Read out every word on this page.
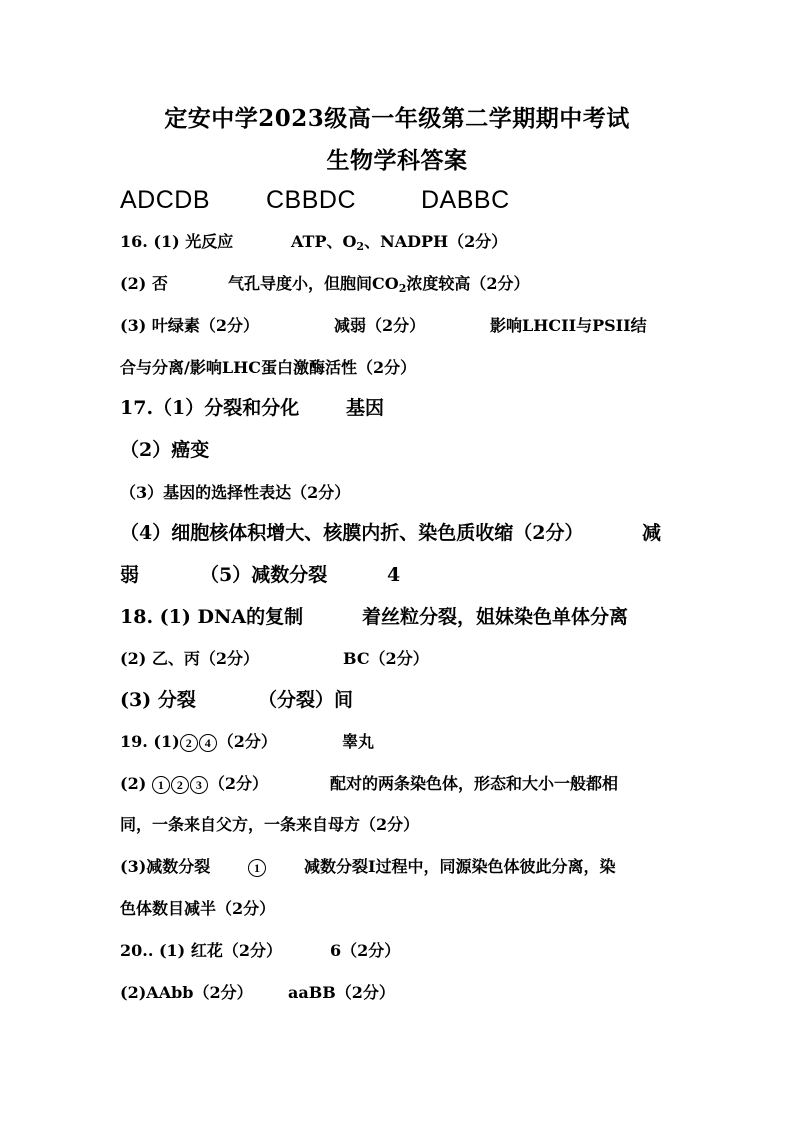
定安中学2023级高一年级第二学期期中考试
生物学科答案
ADCDB CBBDC	DABBC
16. (1) 光反应	ATP、$O_2$、NADPH（2分）
(2) 否	气孔导度小，但胞间$CO_2$浓度较高（2分）
(3) 叶绿素（2分）	减弱（2分）	影响LHCII与PSII结
合与分离/影响LHC蛋白激酶活性（2分）
17.（1）分裂和分化 基因
（2）癌变
（3）基因的选择性表达（2分）
（4）细胞核体积增大、核膜内折、染色质收缩（2分）	减
弱	（5）减数分裂	4
18. (1) DNA的复制	着丝粒分裂，姐妹染色单体分离
(2) 乙、丙（2分）	BC（2分）
(3) 分裂	（分裂）间
19. (1) 2 4 （2分）	睾丸
(2) 1 2 3 （2分）	配对的两条染色体，形态和大小一般都相
同，一条来自父方，一条来自母方（2分）
(3)减数分裂	1	减数分裂I过程中，同源染色体彼此分离，染
色体数目减半（2分）
20.. (1) 红花（2分）	6（2分）
(2)AAbb（2分） aaBB（2分）
